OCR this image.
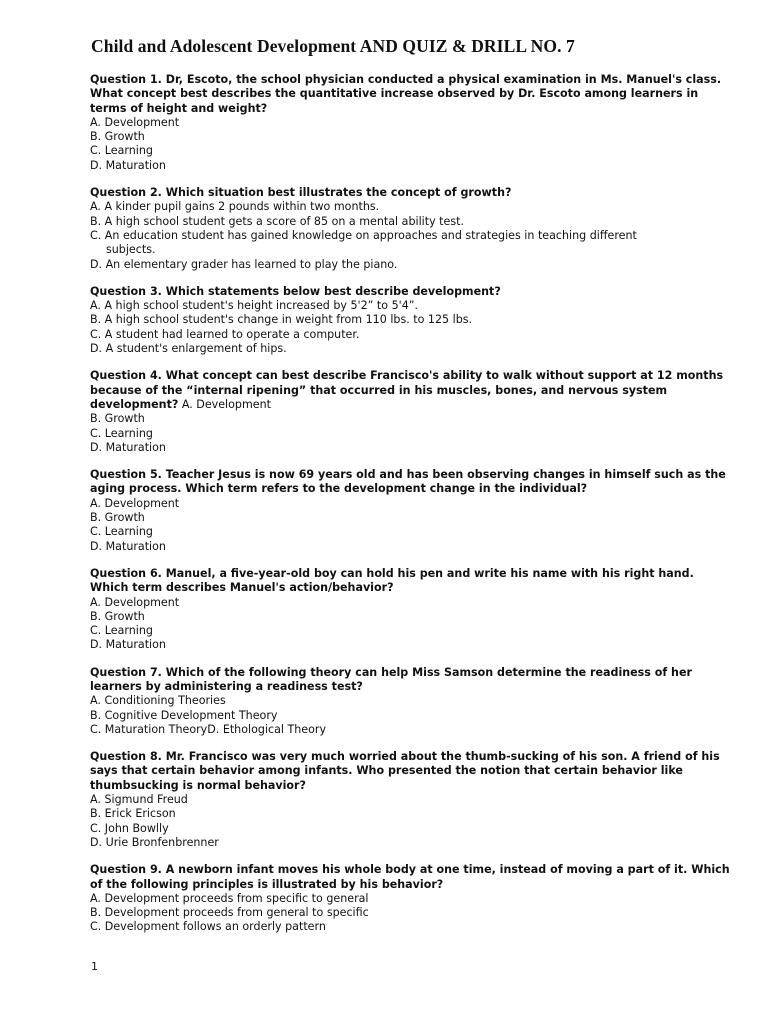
Child and Adolescent Development AND QUIZ & DRILL NO. 7
Question 1. Dr, Escoto, the school physician conducted a physical examination in Ms. Manuel's class.
What concept best describes the quantitative increase observed by Dr. Escoto among learners in
terms of height and weight?
A. Development
B. Growth
C. Learning
D. Maturation
Question 2. Which situation best illustrates the concept of growth?
A. A kinder pupil gains 2 pounds within two months.
B. A high school student gets a score of 85 on a mental ability test.
C. An education student has gained knowledge on approaches and strategies in teaching different
subjects.
D. An elementary grader has learned to play the piano.
Question 3. Which statements below best describe development?
A. A high school student's height increased by 5'2” to 5'4”.
B. A high school student's change in weight from 110 lbs. to 125 lbs.
C. A student had learned to operate a computer.
D. A student's enlargement of hips.
Question 4. What concept can best describe Francisco's ability to walk without support at 12 months
because of the “internal ripening” that occurred in his muscles, bones, and nervous system
development? A. Development
B. Growth
C. Learning
D. Maturation
Question 5. Teacher Jesus is now 69 years old and has been observing changes in himself such as the
aging process. Which term refers to the development change in the individual?
A. Development
B. Growth
C. Learning
D. Maturation
Question 6. Manuel, a five-year-old boy can hold his pen and write his name with his right hand.
Which term describes Manuel's action/behavior?
A. Development
B. Growth
C. Learning
D. Maturation
Question 7. Which of the following theory can help Miss Samson determine the readiness of her
learners by administering a readiness test?
A. Conditioning Theories
B. Cognitive Development Theory
C. Maturation TheoryD. Ethological Theory
Question 8. Mr. Francisco was very much worried about the thumb-sucking of his son. A friend of his
says that certain behavior among infants. Who presented the notion that certain behavior like
thumbsucking is normal behavior?
A. Sigmund Freud
B. Erick Ericson
C. John Bowlly
D. Urie Bronfenbrenner
Question 9. A newborn infant moves his whole body at one time, instead of moving a part of it. Which
of the following principles is illustrated by his behavior?
A. Development proceeds from specific to general
B. Development proceeds from general to specific
C. Development follows an orderly pattern
1
